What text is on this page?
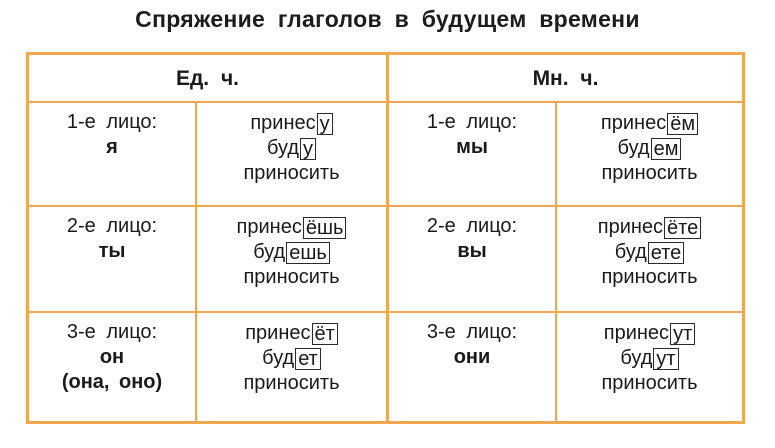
Спряжение глаголов в будущем времени
Ед. ч.	Мн. ч.
1-е лицо:
я
принес у
буд у
приносить
1-е лицо:
мы
принес ём
буд ем
приносить
2-е лицо:
ты
принес ёшь
буд ешь
приносить
2-е лицо:
вы
принес ёте
буд ете
приносить
3-е лицо:
он
(она, оно)
принес ёт
буд ет
приносить
3-е лицо:
они
принес ут
буд ут
приносить
